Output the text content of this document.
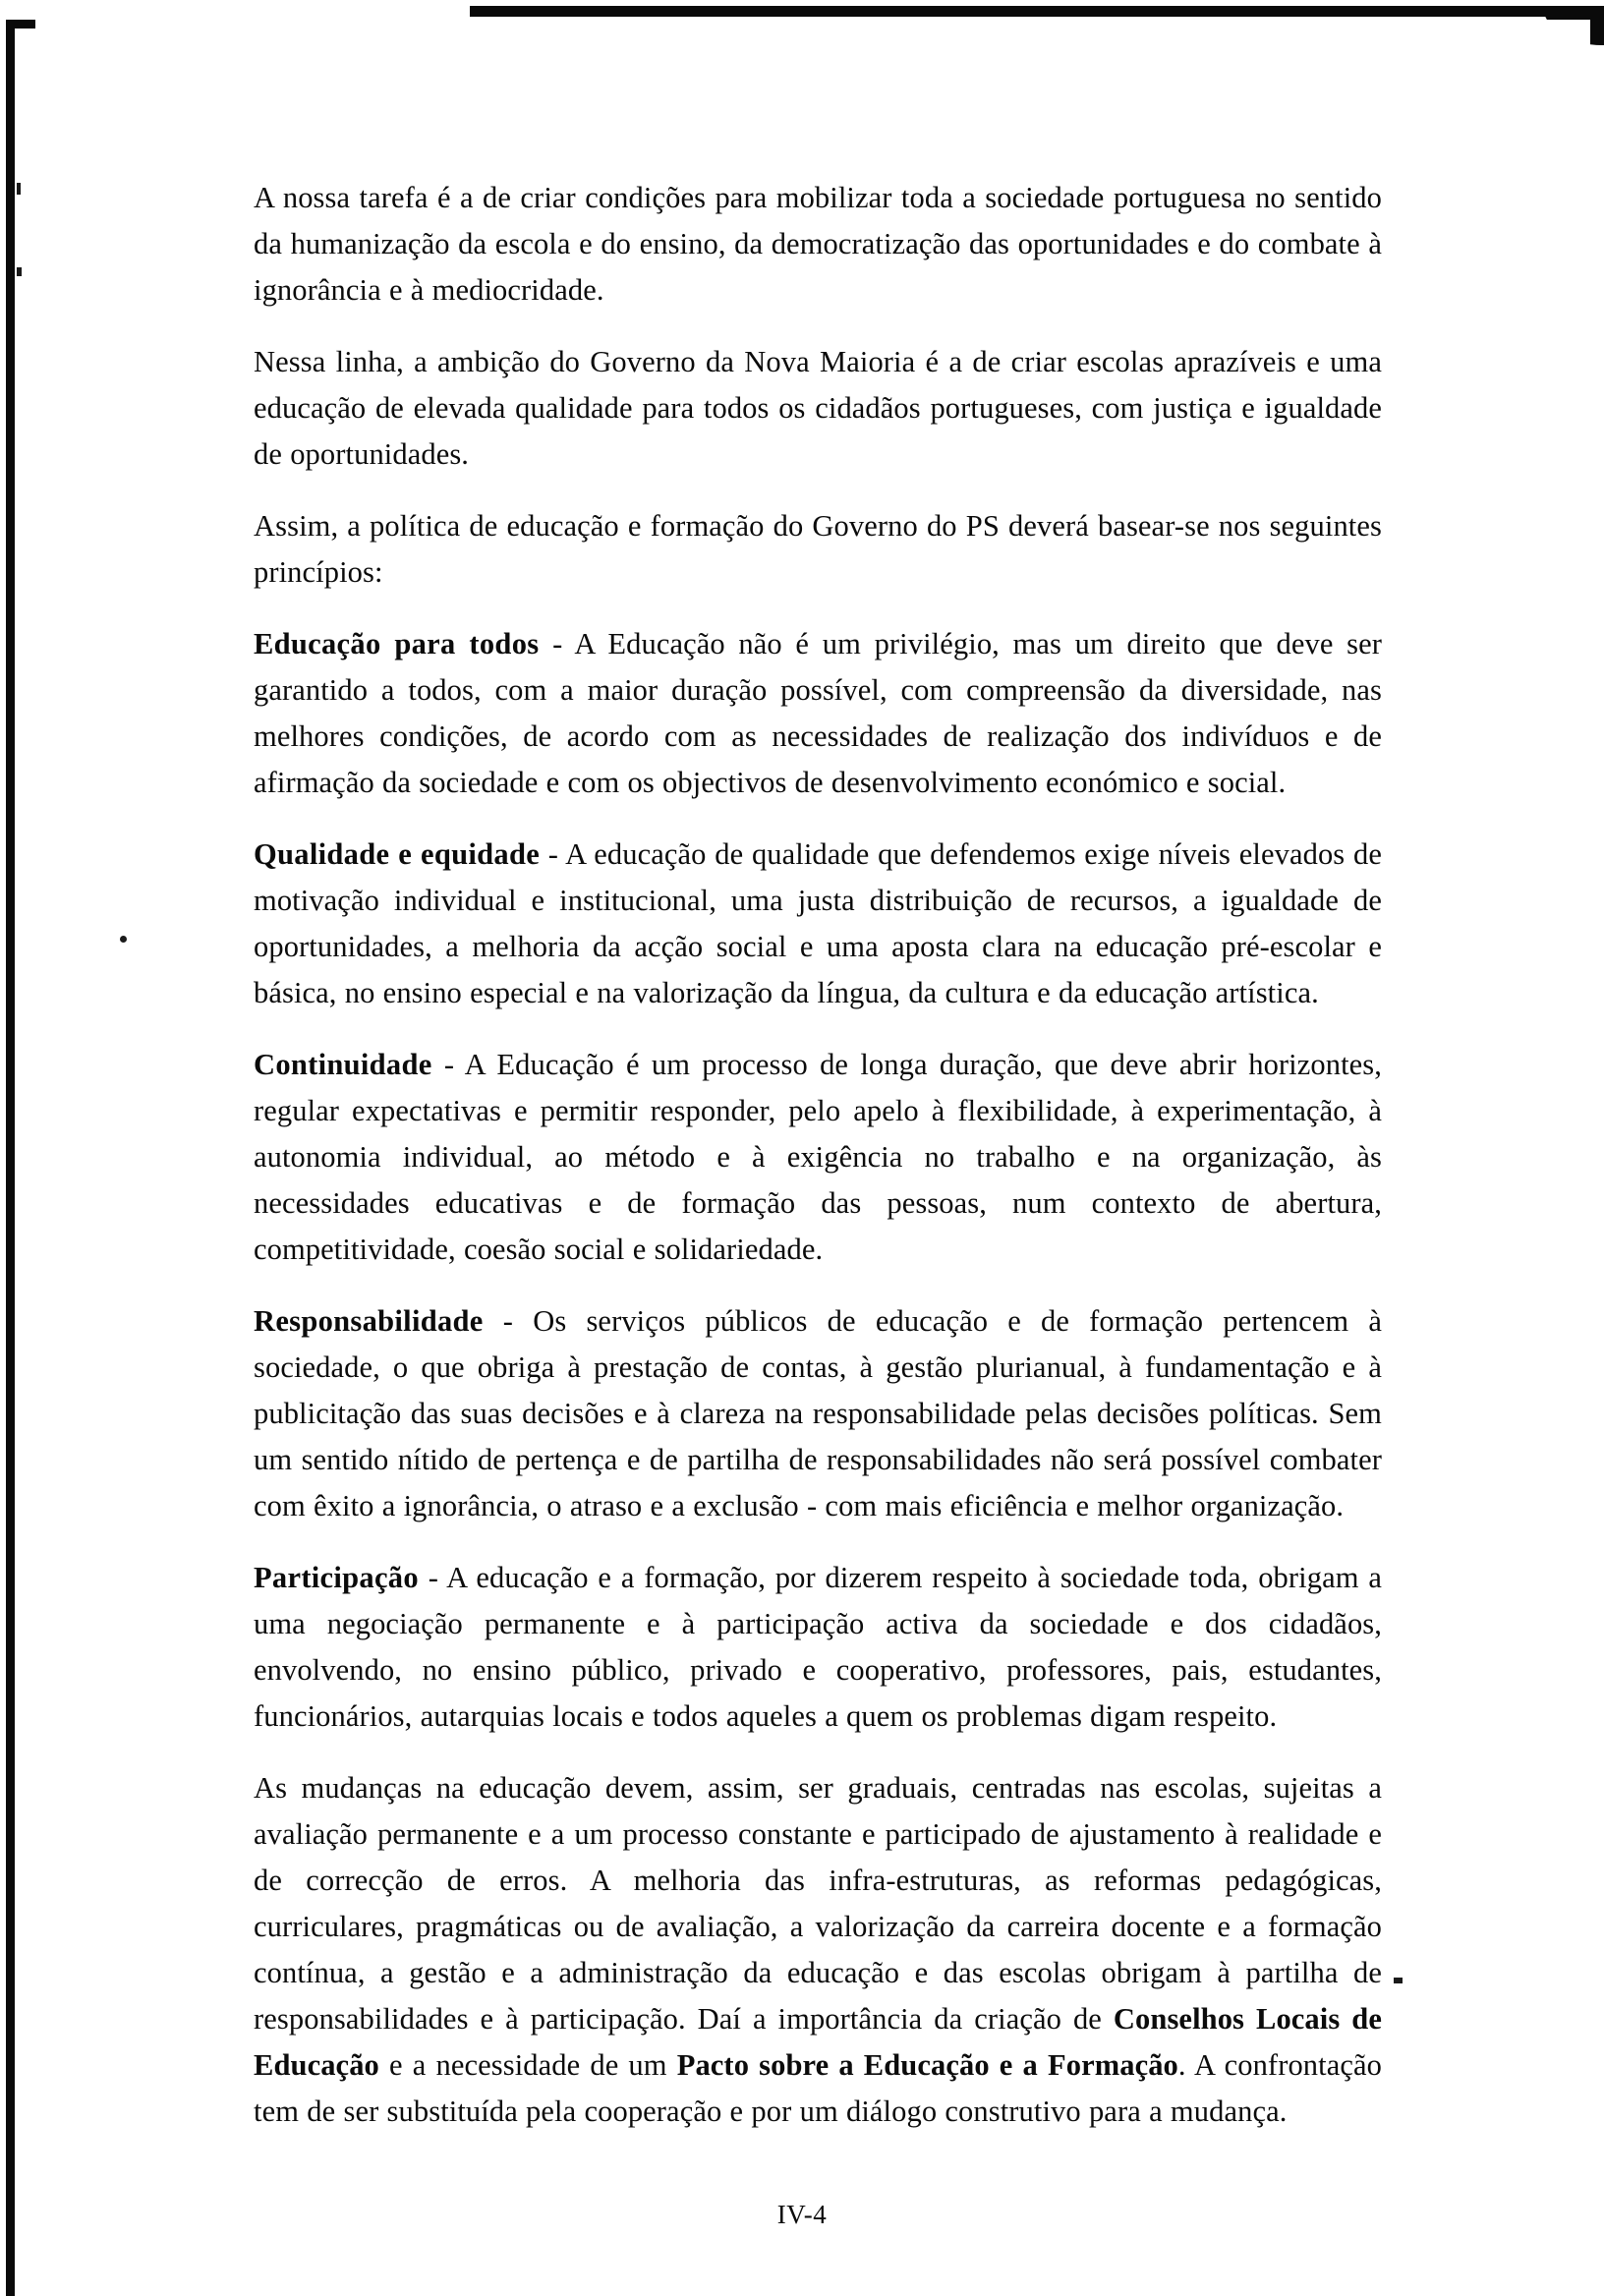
A nossa tarefa é a de criar condições para mobilizar toda a sociedade portuguesa no sentido da humanização da escola e do ensino, da democratização das oportunidades e do combate à ignorância e à mediocridade.

Nessa linha, a ambição do Governo da Nova Maioria é a de criar escolas aprazíveis e uma educação de elevada qualidade para todos os cidadãos portugueses, com justiça e igualdade de oportunidades.

Assim, a política de educação e formação do Governo do PS deverá basear-se nos seguintes princípios:

Educação para todos - A Educação não é um privilégio, mas um direito que deve ser garantido a todos, com a maior duração possível, com compreensão da diversidade, nas melhores condições, de acordo com as necessidades de realização dos indivíduos e de afirmação da sociedade e com os objectivos de desenvolvimento económico e social.

Qualidade e equidade - A educação de qualidade que defendemos exige níveis elevados de motivação individual e institucional, uma justa distribuição de recursos, a igualdade de oportunidades, a melhoria da acção social e uma aposta clara na educação pré-escolar e básica, no ensino especial e na valorização da língua, da cultura e da educação artística.

Continuidade - A Educação é um processo de longa duração, que deve abrir horizontes, regular expectativas e permitir responder, pelo apelo à flexibilidade, à experimentação, à autonomia individual, ao método e à exigência no trabalho e na organização, às necessidades educativas e de formação das pessoas, num contexto de abertura, competitividade, coesão social e solidariedade.

Responsabilidade - Os serviços públicos de educação e de formação pertencem à sociedade, o que obriga à prestação de contas, à gestão plurianual, à fundamentação e à publicitação das suas decisões e à clareza na responsabilidade pelas decisões políticas. Sem um sentido nítido de pertença e de partilha de responsabilidades não será possível combater com êxito a ignorância, o atraso e a exclusão - com mais eficiência e melhor organização.

Participação - A educação e a formação, por dizerem respeito à sociedade toda, obrigam a uma negociação permanente e à participação activa da sociedade e dos cidadãos, envolvendo, no ensino público, privado e cooperativo, professores, pais, estudantes, funcionários, autarquias locais e todos aqueles a quem os problemas digam respeito.

As mudanças na educação devem, assim, ser graduais, centradas nas escolas, sujeitas a avaliação permanente e a um processo constante e participado de ajustamento à realidade e de correcção de erros. A melhoria das infra-estruturas, as reformas pedagógicas, curriculares, pragmáticas ou de avaliação, a valorização da carreira docente e a formação contínua, a gestão e a administração da educação e das escolas obrigam à partilha de responsabilidades e à participação. Daí a importância da criação de Conselhos Locais de Educação e a necessidade de um Pacto sobre a Educação e a Formação. A confrontação tem de ser substituída pela cooperação e por um diálogo construtivo para a mudança.

IV-4
